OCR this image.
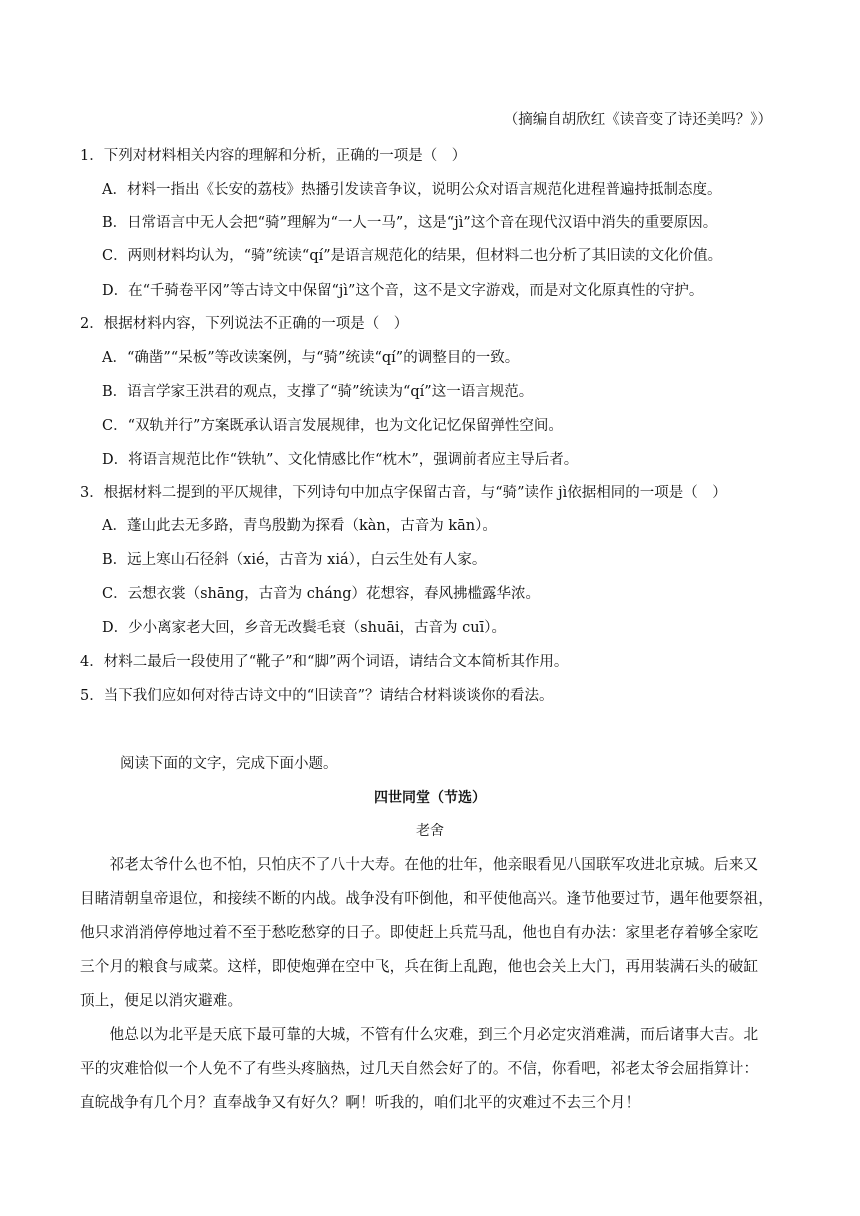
（摘编自胡欣红《读音变了诗还美吗？》）
1．下列对材料相关内容的理解和分析，正确的一项是（　）
A．材料一指出《长安的荔枝》热播引发读音争议，说明公众对语言规范化进程普遍持抵制态度。
B．日常语言中无人会把“骑”理解为“一人一马”，这是“jì”这个音在现代汉语中消失的重要原因。
C．两则材料均认为，“骑”统读“qí”是语言规范化的结果，但材料二也分析了其旧读的文化价值。
D．在“千骑卷平冈”等古诗文中保留“jì”这个音，这不是文字游戏，而是对文化原真性的守护。
2．根据材料内容，下列说法不正确的一项是（　）
A．“确凿”“呆板”等改读案例，与“骑”统读“qí”的调整目的一致。
B．语言学家王洪君的观点，支撑了“骑”统读为“qí”这一语言规范。
C．“双轨并行”方案既承认语言发展规律，也为文化记忆保留弹性空间。
D．将语言规范比作“铁轨”、文化情感比作“枕木”，强调前者应主导后者。
3．根据材料二提到的平仄规律，下列诗句中加点字保留古音，与“骑”读作 jì依据相同的一项是（　）
A．蓬山此去无多路，青鸟殷勤为探看（kàn，古音为 kān）。
B．远上寒山石径斜（xié，古音为 xiá），白云生处有人家。
C．云想衣裳（shāng，古音为 cháng）花想容，春风拂槛露华浓。
D．少小离家老大回，乡音无改鬓毛衰（shuāi，古音为 cuī）。
4．材料二最后一段使用了“靴子”和“脚”两个词语，请结合文本简析其作用。
5．当下我们应如何对待古诗文中的“旧读音”？请结合材料谈谈你的看法。
阅读下面的文字，完成下面小题。
四世同堂（节选）
老舍
　　祁老太爷什么也不怕，只怕庆不了八十大寿。在他的壮年，他亲眼看见八国联军攻进北京城。后来又
目睹清朝皇帝退位，和接续不断的内战。战争没有吓倒他，和平使他高兴。逢节他要过节，遇年他要祭祖，
他只求消消停停地过着不至于愁吃愁穿的日子。即使赶上兵荒马乱，他也自有办法：家里老存着够全家吃
三个月的粮食与咸菜。这样，即使炮弹在空中飞，兵在街上乱跑，他也会关上大门，再用装满石头的破缸
顶上，便足以消灾避难。
　　他总以为北平是天底下最可靠的大城，不管有什么灾难，到三个月必定灾消难满，而后诸事大吉。北
平的灾难恰似一个人免不了有些头疼脑热，过几天自然会好了的。不信，你看吧，祁老太爷会屈指算计：
直皖战争有几个月？直奉战争又有好久？啊！听我的，咱们北平的灾难过不去三个月！
